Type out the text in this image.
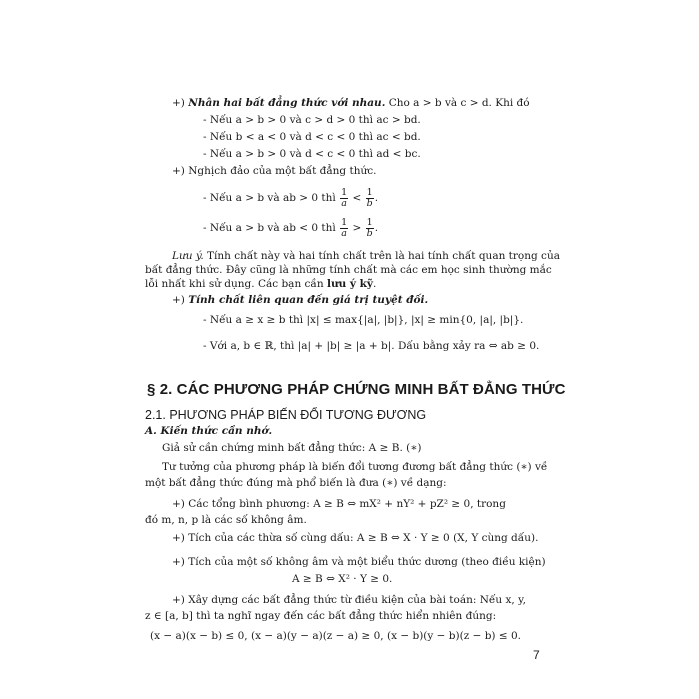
+) Nhân hai bất đẳng thức với nhau. Cho a > b và c > d. Khi đó
- Nếu a > b > 0 và c > d > 0 thì ac > bd.
- Nếu b < a < 0 và d < c < 0 thì ac < bd.
- Nếu a > b > 0 và d < c < 0 thì ad < bc.
+) Nghịch đảo của một bất đẳng thức.
- Nếu a > b và ab > 0 thì $\frac{1}{a} < \frac{1}{b}$ .
- Nếu a > b và ab < 0 thì $\frac{1}{a} > \frac{1}{b}$ .
Lưu ý. Tính chất này và hai tính chất trên là hai tính chất quan trọng của
bất đẳng thức. Đây cũng là những tính chất mà các em học sinh thường mắc
lỗi nhất khi sử dụng. Các bạn cần lưu ý kỹ.
+) Tính chất liên quan đến giá trị tuyệt đối.
- Nếu a ≥ x ≥ b thì |x| ≤ max{|a|, |b|}, |x| ≥ min{0, |a|, |b|}.
- Với a, b ∈ ℝ, thì |a| + |b| ≥ |a + b|. Dấu bằng xảy ra ⇔ ab ≥ 0.
§ 2. CÁC PHƯƠNG PHÁP CHỨNG MINH BẤT ĐẲNG THỨC
2.1. PHƯƠNG PHÁP BIẾN ĐỔI TƯƠNG ĐƯƠNG
A. Kiến thức cần nhớ.
Giả sử cần chứng minh bất đẳng thức: A ≥ B. (∗)
Tư tưởng của phương pháp là biến đổi tương đương bất đẳng thức (∗) về
một bất đẳng thức đúng mà phổ biến là đưa (∗) về dạng:
+) Các tổng bình phương: A ≥ B ⇔ mX² + nY² + pZ² ≥ 0, trong
đó m, n, p là các số không âm.
+) Tích của các thừa số cùng dấu: A ≥ B ⇔ X · Y ≥ 0 (X, Y cùng dấu).
+) Tích của một số không âm và một biểu thức dương (theo điều kiện)
A ≥ B ⇔ X² · Y ≥ 0.
+) Xây dựng các bất đẳng thức từ điều kiện của bài toán: Nếu x, y,
z ∈ [a, b] thì ta nghĩ ngay đến các bất đẳng thức hiển nhiên đúng:
(x − a)(x − b) ≤ 0, (x − a)(y − a)(z − a) ≥ 0, (x − b)(y − b)(z − b) ≤ 0.
7
